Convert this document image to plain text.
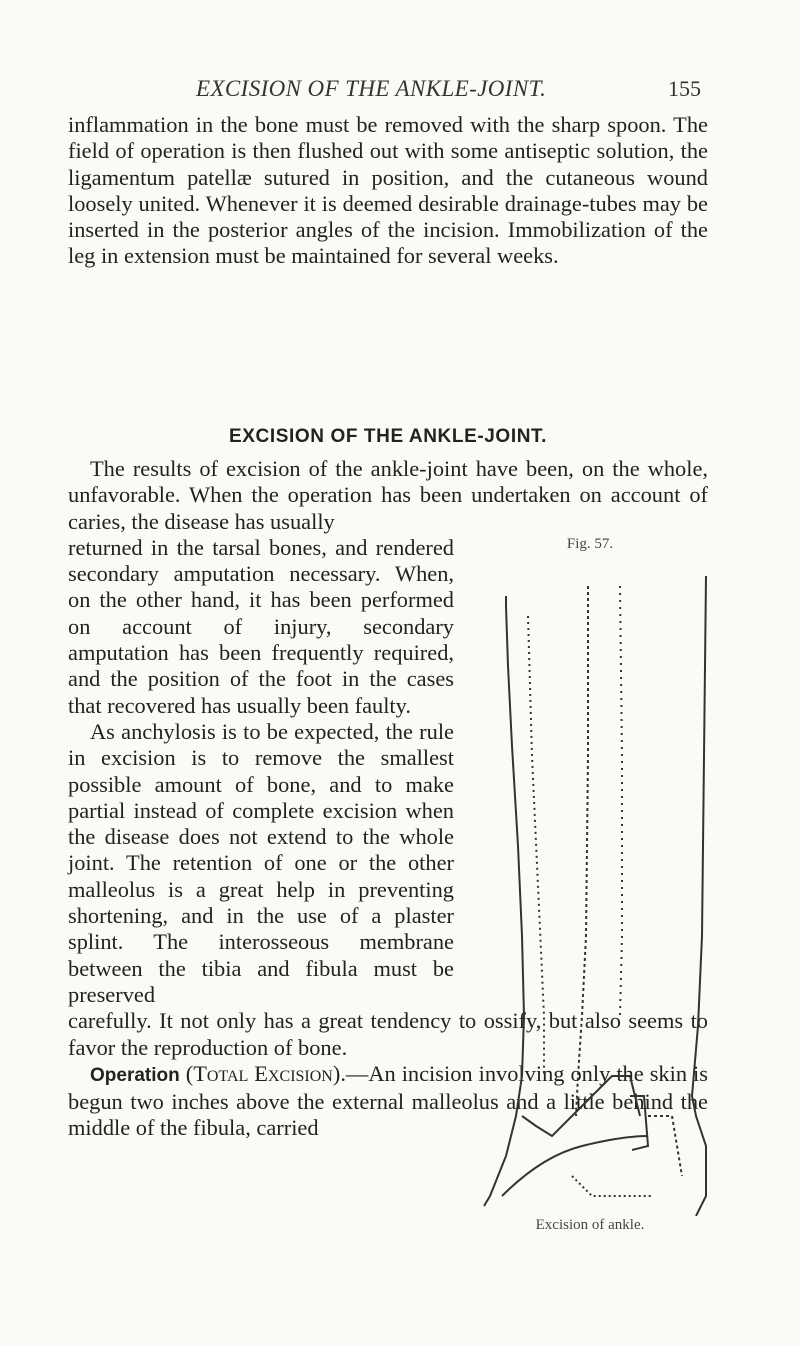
EXCISION OF THE ANKLE-JOINT.	155

inflammation in the bone must be removed with the sharp spoon. The field of operation is then flushed out with some antiseptic solution, the ligamentum patellæ sutured in position, and the cutaneous wound loosely united. Whenever it is deemed desirable drainage-tubes may be inserted in the posterior angles of the incision. Immobilization of the leg in extension must be maintained for several weeks.

EXCISION OF THE ANKLE-JOINT.

The results of excision of the ankle-joint have been, on the whole, unfavorable. When the operation has been undertaken on account of caries, the disease has usually

returned in the tarsal bones, and rendered secondary amputation necessary. When, on the other hand, it has been performed on account of injury, secondary amputation has been frequently required, and the position of the foot in the cases that recovered has usually been faulty.

As anchylosis is to be expected, the rule in excision is to remove the smallest possible amount of bone, and to make partial instead of complete excision when the disease does not extend to the whole joint. The retention of one or the other malleolus is a great help in preventing shortening, and in the use of a plaster splint. The interosseous membrane between the tibia and fibula must be preserved

carefully. It not only has a great tendency to ossify, but also seems to favor the reproduction of bone.

Operation (Total Excision).—An incision involving only the skin is begun two inches above the external malleolus and a little behind the middle of the fibula, carried

Fig. 57.
Excision of ankle.
